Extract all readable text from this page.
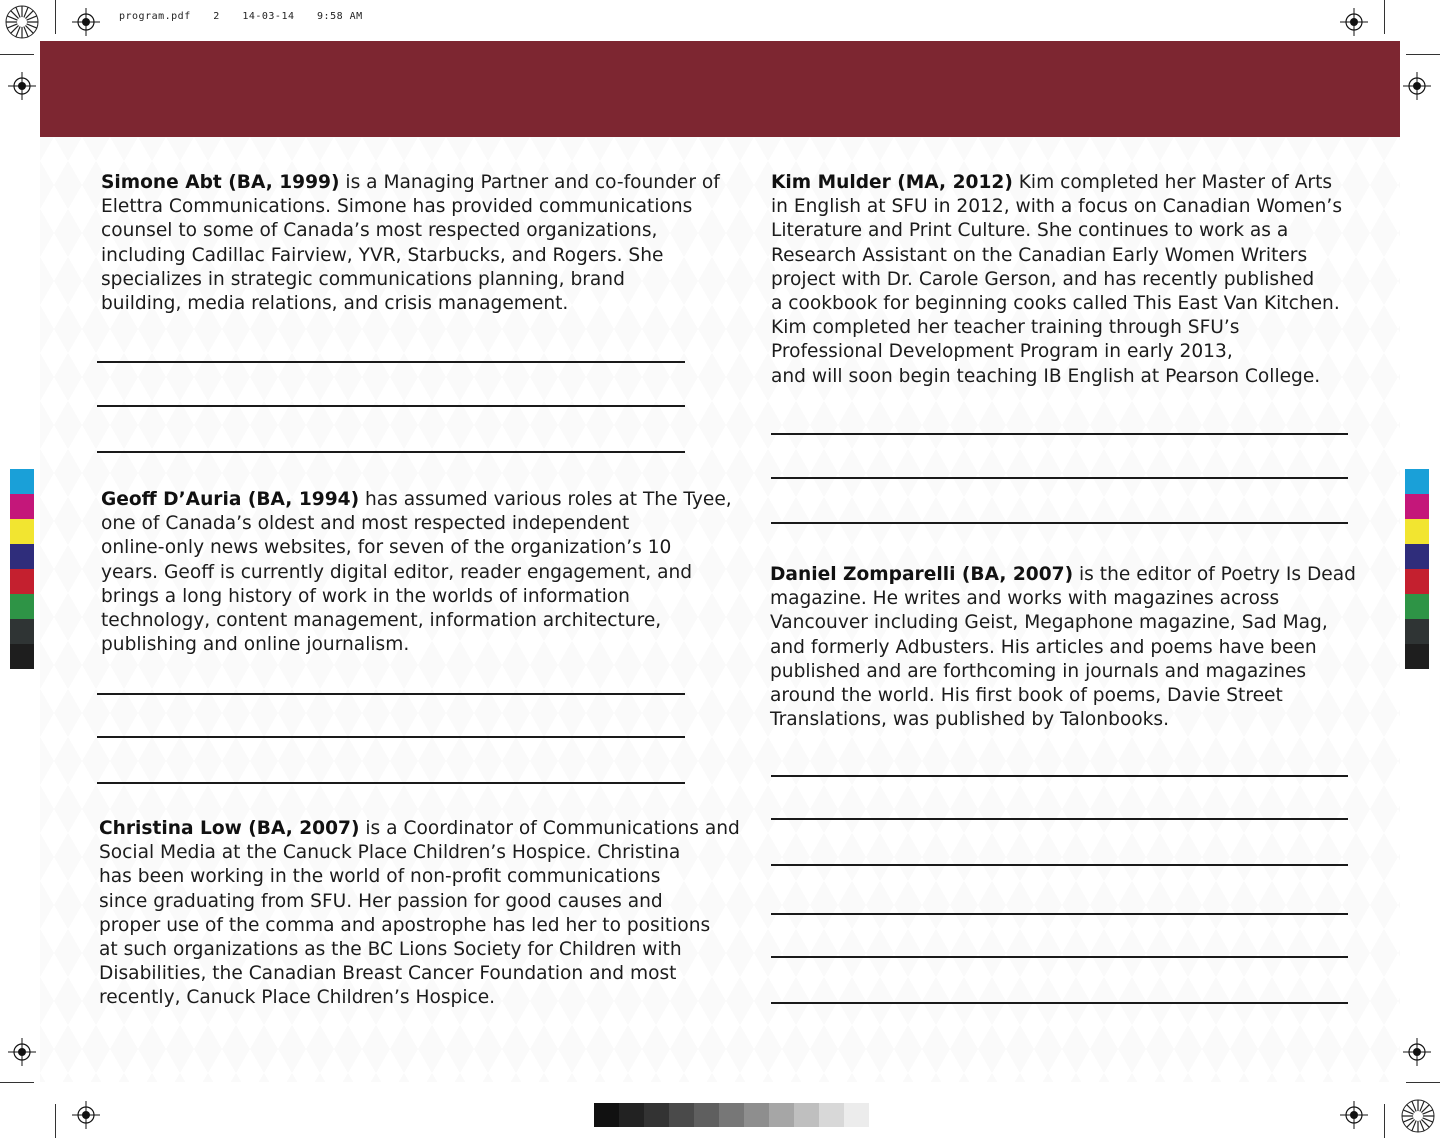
program.pdf 2 14-03-14 9:58 AM

Simone Abt (BA, 1999) is a Managing Partner and co-founder of
Elettra Communications. Simone has provided communications
counsel to some of Canada’s most respected organizations,
including Cadillac Fairview, YVR, Starbucks, and Rogers. She
specializes in strategic communications planning, brand
building, media relations, and crisis management.

Geoff D’Auria (BA, 1994) has assumed various roles at The Tyee,
one of Canada’s oldest and most respected independent
online-only news websites, for seven of the organization’s 10
years. Geoff is currently digital editor, reader engagement, and
brings a long history of work in the worlds of information
technology, content management, information architecture,
publishing and online journalism.

Christina Low (BA, 2007) is a Coordinator of Communications and
Social Media at the Canuck Place Children’s Hospice. Christina
has been working in the world of non-profit communications
since graduating from SFU. Her passion for good causes and
proper use of the comma and apostrophe has led her to positions
at such organizations as the BC Lions Society for Children with
Disabilities, the Canadian Breast Cancer Foundation and most
recently, Canuck Place Children’s Hospice.

Kim Mulder (MA, 2012) Kim completed her Master of Arts
in English at SFU in 2012, with a focus on Canadian Women’s
Literature and Print Culture. She continues to work as a
Research Assistant on the Canadian Early Women Writers
project with Dr. Carole Gerson, and has recently published
a cookbook for beginning cooks called This East Van Kitchen.
Kim completed her teacher training through SFU’s
Professional Development Program in early 2013,
and will soon begin teaching IB English at Pearson College.

Daniel Zomparelli (BA, 2007) is the editor of Poetry Is Dead
magazine. He writes and works with magazines across
Vancouver including Geist, Megaphone magazine, Sad Mag,
and formerly Adbusters. His articles and poems have been
published and are forthcoming in journals and magazines
around the world. His first book of poems, Davie Street
Translations, was published by Talonbooks.
